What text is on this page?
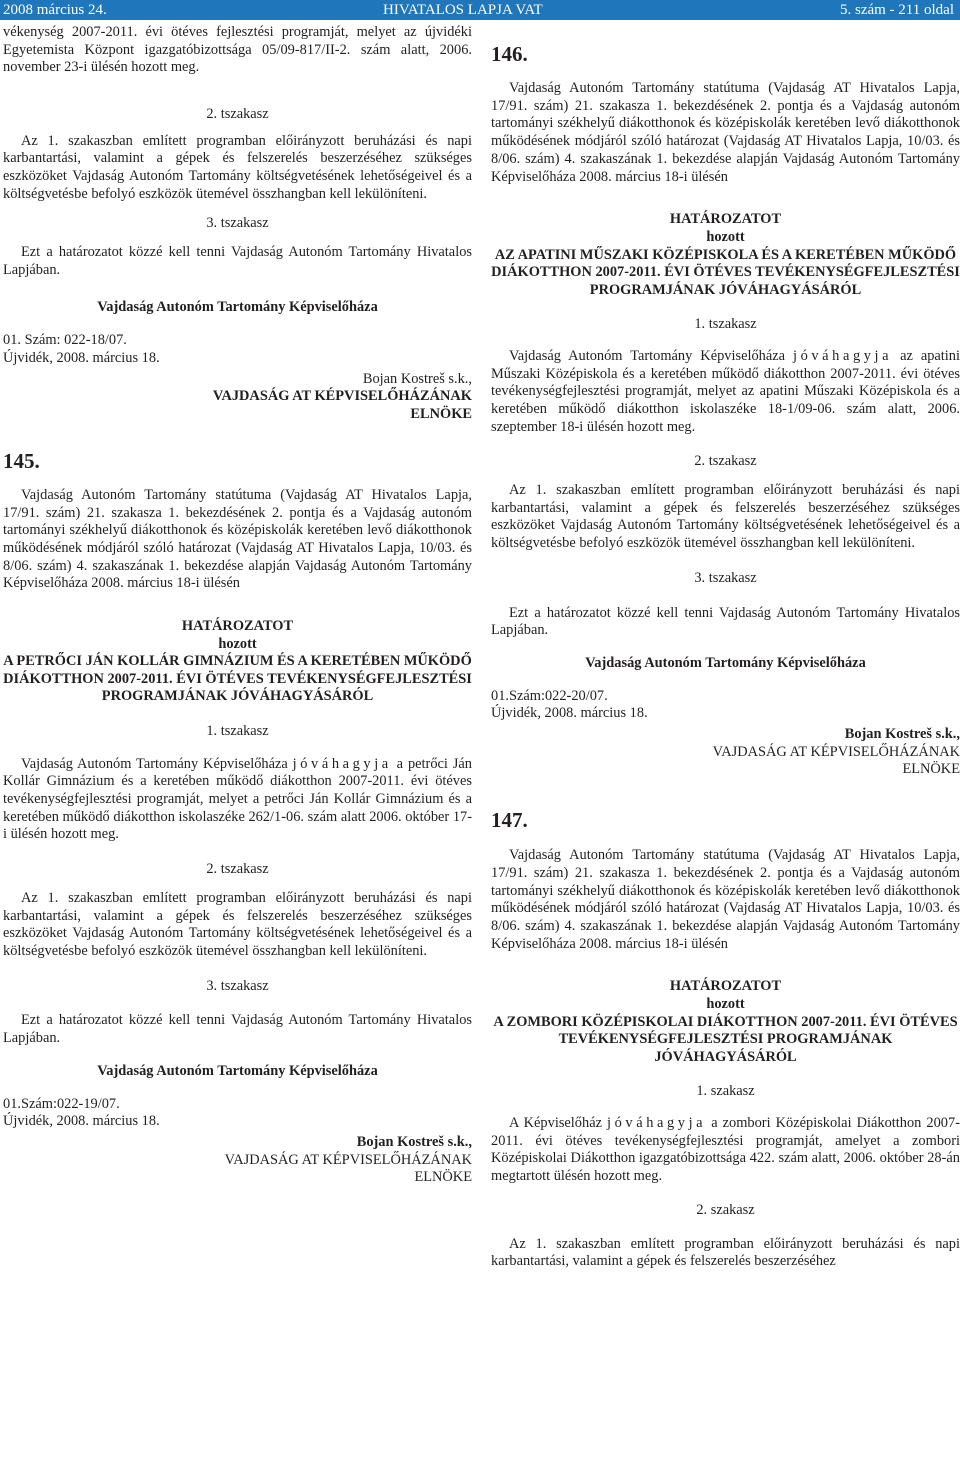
2008 március 24.	HIVATALOS LAPJA VAT	5. szám - 211 oldal

vékenység 2007-2011. évi ötéves fejlesztési programját, melyet az újvidéki Egyetemista Központ igazgatóbizottsága 05/09-817/II-2. szám alatt, 2006. november 23-i ülésén hozott meg.

2. tszakasz

Az 1. szakaszban említett programban előirányzott beruházási és napi karbantartási, valamint a gépek és felszerelés beszerzéséhez szükséges eszközöket Vajdaság Autonóm Tartomány költségvetésének lehetőségeivel és a költségvetésbe befolyó eszközök ütemével összhangban kell lekülöníteni.

3. tszakasz

Ezt a határozatot közzé kell tenni Vajdaság Autonóm Tartomány Hivatalos Lapjában.

Vajdaság Autonóm Tartomány Képviselőháza

01. Szám: 022-18/07.

Újvidék, 2008. március 18.

Bojan Kostreš s.k.,

VAJDASÁG AT KÉPVISELŐHÁZÁNAK

ELNÖKE

145.

Vajdaság Autonóm Tartomány statútuma (Vajdaság AT Hivatalos Lapja, 17/91. szám) 21. szakasza 1. bekezdésének 2. pontja és a Vajdaság autonóm tartományi székhelyű diákotthonok és középiskolák keretében levő diákotthonok működésének módjáról szóló határozat (Vajdaság AT Hivatalos Lapja, 10/03. és 8/06. szám) 4. szakaszának 1. bekezdése alapján Vajdaság Autonóm Tartomány Képviselőháza 2008. március 18-i ülésén

HATÁROZATOT

hozott

A PETRŐCI JÁN KOLLÁR GIMNÁZIUM ÉS A KERETÉBEN MŰKÖDŐ DIÁKOTTHON 2007-2011. ÉVI ÖTÉVES TEVÉKENYSÉGFEJLESZTÉSI PROGRAMJÁNAK JÓVÁHAGYÁSÁRÓL

1. tszakasz

Vajdaság Autonóm Tartomány Képviselőháza jóváhagyja a petrőci Ján Kollár Gimnázium és a keretében működő diákotthon 2007-2011. évi ötéves tevékenységfejlesztési programját, melyet a petrőci Ján Kollár Gimnázium és a keretében működő diákotthon iskolaszéke 262/1-06. szám alatt 2006. október 17-i ülésén hozott meg.

2. tszakasz

Az 1. szakaszban említett programban előirányzott beruházási és napi karbantartási, valamint a gépek és felszerelés beszerzéséhez szükséges eszközöket Vajdaság Autonóm Tartomány költségvetésének lehetőségeivel és a költségvetésbe befolyó eszközök ütemével összhangban kell lekülöníteni.

3. tszakasz

Ezt a határozatot közzé kell tenni Vajdaság Autonóm Tartomány Hivatalos Lapjában.

Vajdaság Autonóm Tartomány Képviselőháza

01.Szám:022-19/07.

Újvidék, 2008. március 18.

Bojan Kostreš s.k.,

VAJDASÁG AT KÉPVISELŐHÁZÁNAK

ELNÖKE

146.

Vajdaság Autonóm Tartomány statútuma (Vajdaság AT Hivatalos Lapja, 17/91. szám) 21. szakasza 1. bekezdésének 2. pontja és a Vajdaság autonóm tartományi székhelyű diákotthonok és középiskolák keretében levő diákotthonok működésének módjáról szóló határozat (Vajdaság AT Hivatalos Lapja, 10/03. és 8/06. szám) 4. szakaszának 1. bekezdése alapján Vajdaság Autonóm Tartomány Képviselőháza 2008. március 18-i ülésén

HATÁROZATOT

hozott

AZ APATINI MŰSZAKI KÖZÉPISKOLA ÉS A KERETÉBEN MŰKÖDŐ DIÁKOTTHON 2007-2011. ÉVI ÖTÉVES TEVÉKENYSÉGFEJLESZTÉSI PROGRAMJÁNAK JÓVÁHAGYÁSÁRÓL

1. tszakasz

Vajdaság Autonóm Tartomány Képviselőháza jóváhagyja az apatini Műszaki Középiskola és a keretében működő diákotthon 2007-2011. évi ötéves tevékenységfejlesztési programját, melyet az apatini Műszaki Középiskola és a keretében működő diákotthon iskolaszéke 18-1/09-06. szám alatt, 2006. szeptember 18-i ülésén hozott meg.

2. tszakasz

Az 1. szakaszban említett programban előirányzott beruházási és napi karbantartási, valamint a gépek és felszerelés beszerzéséhez szükséges eszközöket Vajdaság Autonóm Tartomány költségvetésének lehetőségeivel és a költségvetésbe befolyó eszközök ütemével összhangban kell lekülöníteni.

3. tszakasz

Ezt a határozatot közzé kell tenni Vajdaság Autonóm Tartomány Hivatalos Lapjában.

Vajdaság Autonóm Tartomány Képviselőháza

01.Szám:022-20/07.

Újvidék, 2008. március 18.

Bojan Kostreš s.k.,

VAJDASÁG AT KÉPVISELŐHÁZÁNAK

ELNÖKE

147.

Vajdaság Autonóm Tartomány statútuma (Vajdaság AT Hivatalos Lapja, 17/91. szám) 21. szakasza 1. bekezdésének 2. pontja és a Vajdaság autonóm tartományi székhelyű diákotthonok és középiskolák keretében levő diákotthonok működésének módjáról szóló határozat (Vajdaság AT Hivatalos Lapja, 10/03. és 8/06. szám) 4. szakaszának 1. bekezdése alapján Vajdaság Autonóm Tartomány Képviselőháza 2008. március 18-i ülésén

HATÁROZATOT

hozott

A ZOMBORI KÖZÉPISKOLAI DIÁKOTTHON 2007-2011. ÉVI ÖTÉVES TEVÉKENYSÉGFEJLESZTÉSI PROGRAMJÁNAK JÓVÁHAGYÁSÁRÓL

1. szakasz

A Képviselőház jóváhagyja a zombori Középiskolai Diákotthon 2007-2011. évi ötéves tevékenységfejlesztési programját, amelyet a zombori Középiskolai Diákotthon igazgatóbizottsága 422. szám alatt, 2006. október 28-án megtartott ülésén hozott meg.

2. szakasz

Az 1. szakaszban említett programban előirányzott beruházási és napi karbantartási, valamint a gépek és felszerelés beszerzéséhez
